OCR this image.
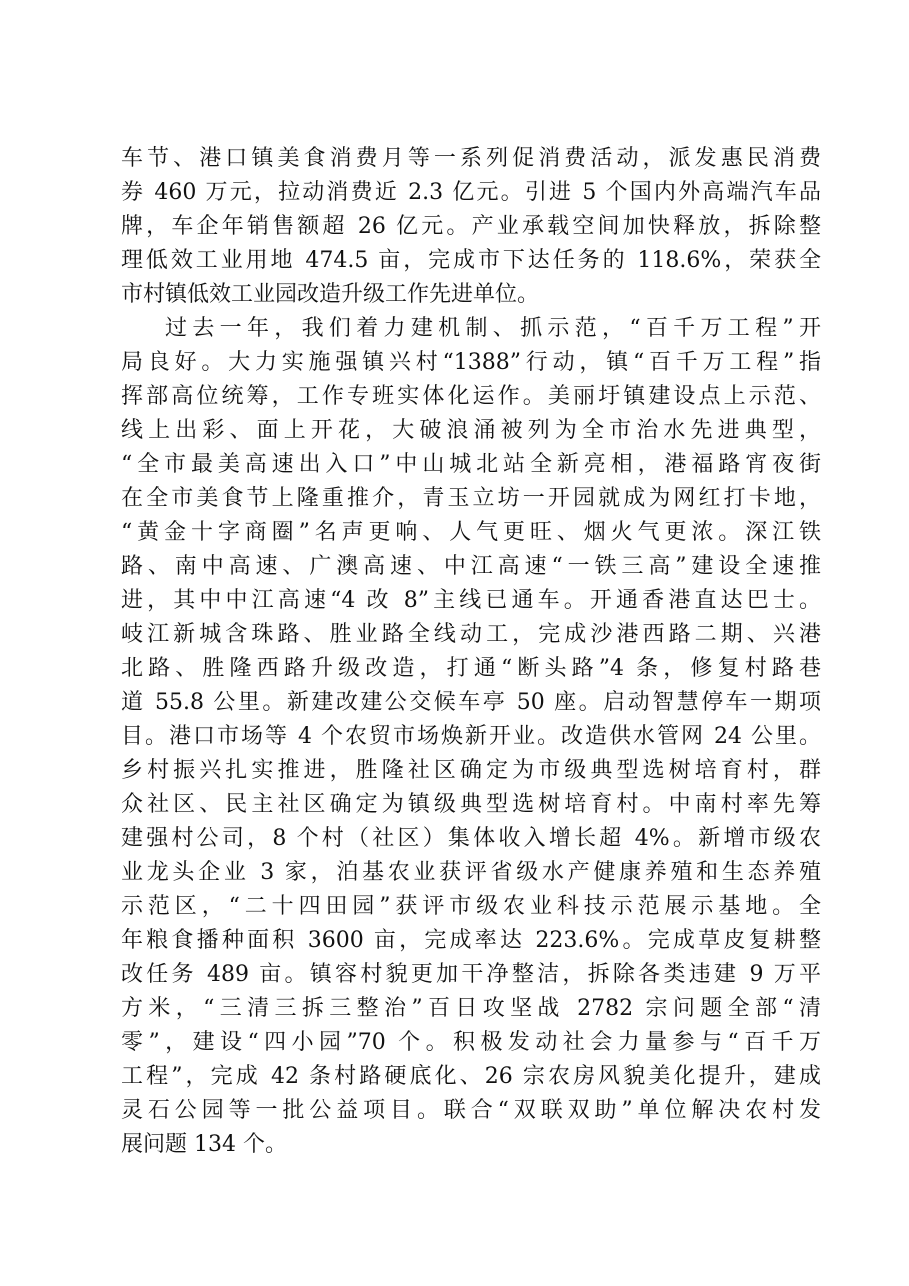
车节、港口镇美食消费月等一系列促消费活动，派发惠民消费
券 460 万元，拉动消费近 2.3 亿元。引进 5 个国内外高端汽车品
牌，车企年销售额超 26 亿元。产业承载空间加快释放，拆除整
理低效工业用地 474.5 亩，完成市下达任务的 118.6%，荣获全
市村镇低效工业园改造升级工作先进单位。
过去一年，我们着力建机制、抓示范，“百千万工程”开
局良好。大力实施强镇兴村“1388”行动，镇“百千万工程”指
挥部高位统筹，工作专班实体化运作。美丽圩镇建设点上示范、
线上出彩、面上开花，大破浪涌被列为全市治水先进典型，
“全市最美高速出入口”中山城北站全新亮相，港福路宵夜街
在全市美食节上隆重推介，青玉立坊一开园就成为网红打卡地，
“黄金十字商圈”名声更响、人气更旺、烟火气更浓。深江铁
路、南中高速、广澳高速、中江高速“一铁三高”建设全速推
进，其中中江高速“4 改 8”主线已通车。开通香港直达巴士。
岐江新城含珠路、胜业路全线动工，完成沙港西路二期、兴港
北路、胜隆西路升级改造，打通“断头路”4 条，修复村路巷
道 55.8 公里。新建改建公交候车亭 50 座。启动智慧停车一期项
目。港口市场等 4 个农贸市场焕新开业。改造供水管网 24 公里。
乡村振兴扎实推进，胜隆社区确定为市级典型选树培育村，群
众社区、民主社区确定为镇级典型选树培育村。中南村率先筹
建强村公司，8 个村（社区）集体收入增长超 4%。新增市级农
业龙头企业 3 家，泊基农业获评省级水产健康养殖和生态养殖
示范区，“二十四田园”获评市级农业科技示范展示基地。全
年粮食播种面积 3600 亩，完成率达 223.6%。完成草皮复耕整
改任务 489 亩。镇容村貌更加干净整洁，拆除各类违建 9 万平
方米，“三清三拆三整治”百日攻坚战 2782 宗问题全部“清
零”，建设“四小园”70 个。积极发动社会力量参与“百千万
工程”，完成 42 条村路硬底化、26 宗农房风貌美化提升，建成
灵石公园等一批公益项目。联合“双联双助”单位解决农村发
展问题 134 个。
